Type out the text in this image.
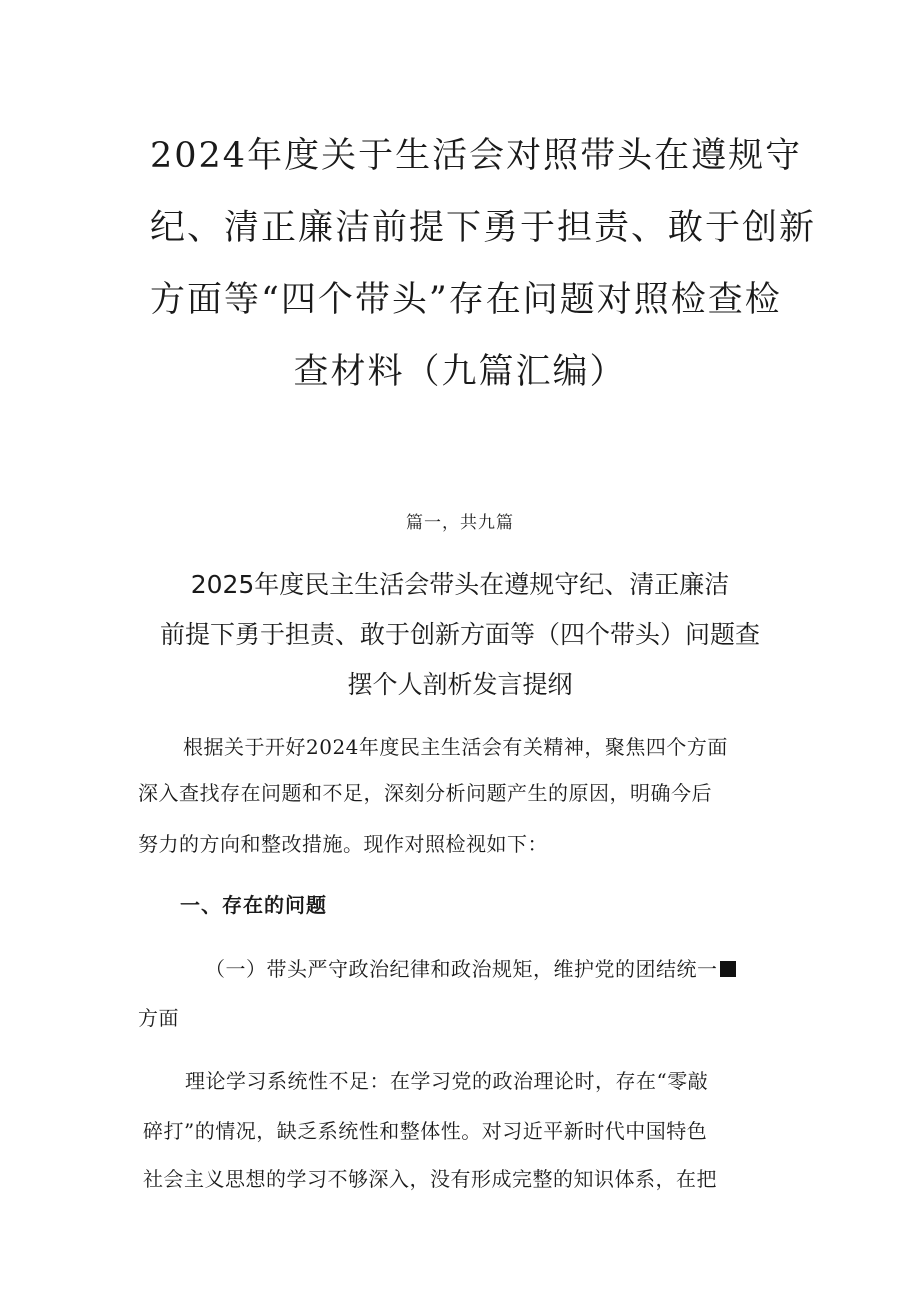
2024年度关于生活会对照带头在遵规守
纪、清正廉洁前提下勇于担责、敢于创新
方面等“四个带头”存在问题对照检查检
查材料（九篇汇编）

篇一，共九篇

2025年度民主生活会带头在遵规守纪、清正廉洁
前提下勇于担责、敢于创新方面等（四个带头）问题查
摆个人剖析发言提纲

根据关于开好2024年度民主生活会有关精神，聚焦四个方面

深入查找存在问题和不足，深刻分析问题产生的原因，明确今后

努力的方向和整改措施。现作对照检视如下：

一、存在的问题

（一）带头严守政治纪律和政治规矩，维护党的团结统一

方面

理论学习系统性不足：在学习党的政治理论时，存在“零敲

碎打”的情况，缺乏系统性和整体性。对习近平新时代中国特色

社会主义思想的学习不够深入，没有形成完整的知识体系，在把
